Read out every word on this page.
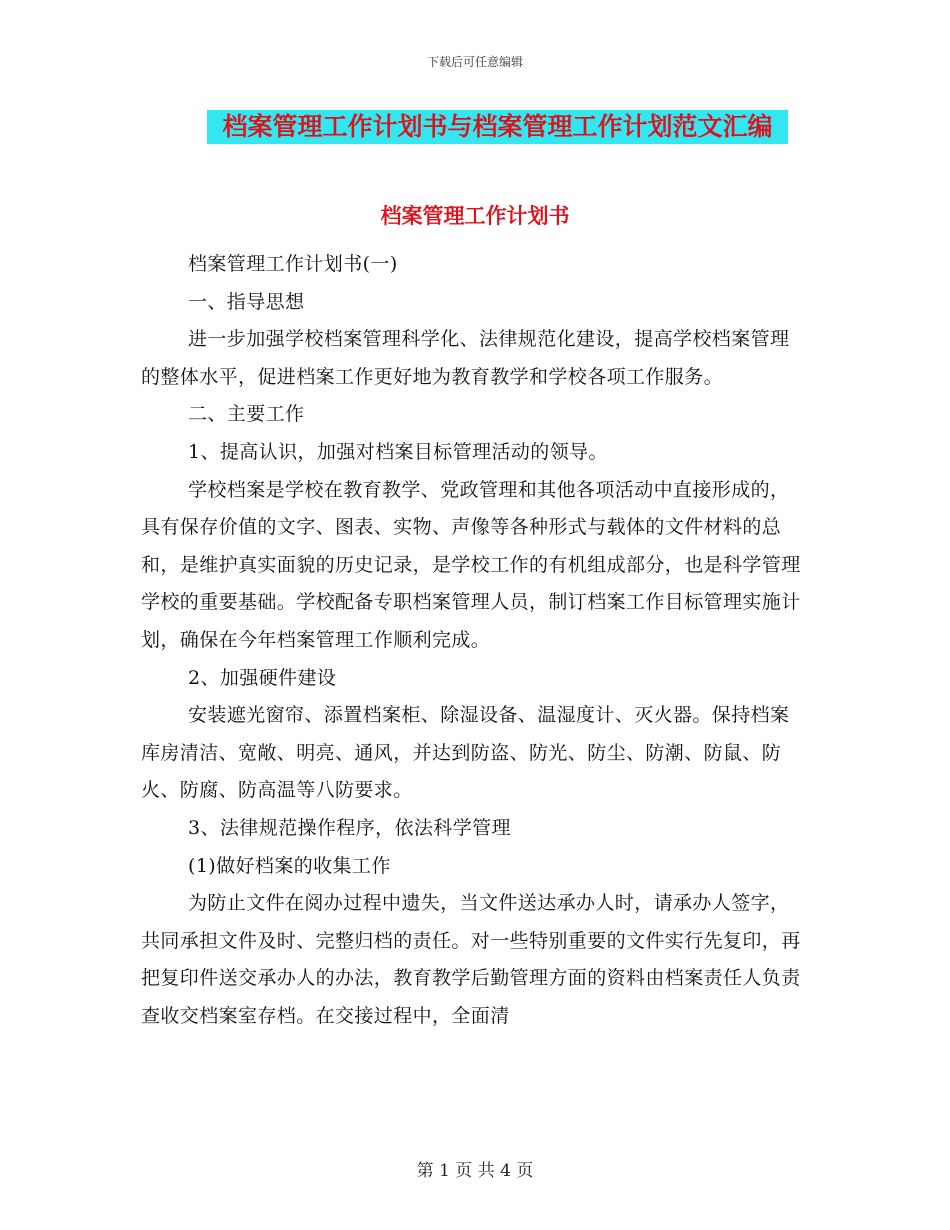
下载后可任意编辑
档案管理工作计划书与档案管理工作计划范文汇编
档案管理工作计划书

档案管理工作计划书(一)

一、指导思想

进一步加强学校档案管理科学化、法律规范化建设，提高学校档案管理的整体水平，促进档案工作更好地为教育教学和学校各项工作服务。

二、主要工作

1、提高认识，加强对档案目标管理活动的领导。

学校档案是学校在教育教学、党政管理和其他各项活动中直接形成的，具有保存价值的文字、图表、实物、声像等各种形式与载体的文件材料的总和，是维护真实面貌的历史记录，是学校工作的有机组成部分，也是科学管理学校的重要基础。学校配备专职档案管理人员，制订档案工作目标管理实施计划，确保在今年档案管理工作顺利完成。

2、加强硬件建设

安装遮光窗帘、添置档案柜、除湿设备、温湿度计、灭火器。保持档案库房清洁、宽敞、明亮、通风，并达到防盗、防光、防尘、防潮、防鼠、防火、防腐、防高温等八防要求。

3、法律规范操作程序，依法科学管理

(1)做好档案的收集工作

为防止文件在阅办过程中遗失，当文件送达承办人时，请承办人签字，共同承担文件及时、完整归档的责任。对一些特别重要的文件实行先复印，再把复印件送交承办人的办法，教育教学后勤管理方面的资料由档案责任人负责查收交档案室存档。在交接过程中，全面清

第 1 页 共 4 页
